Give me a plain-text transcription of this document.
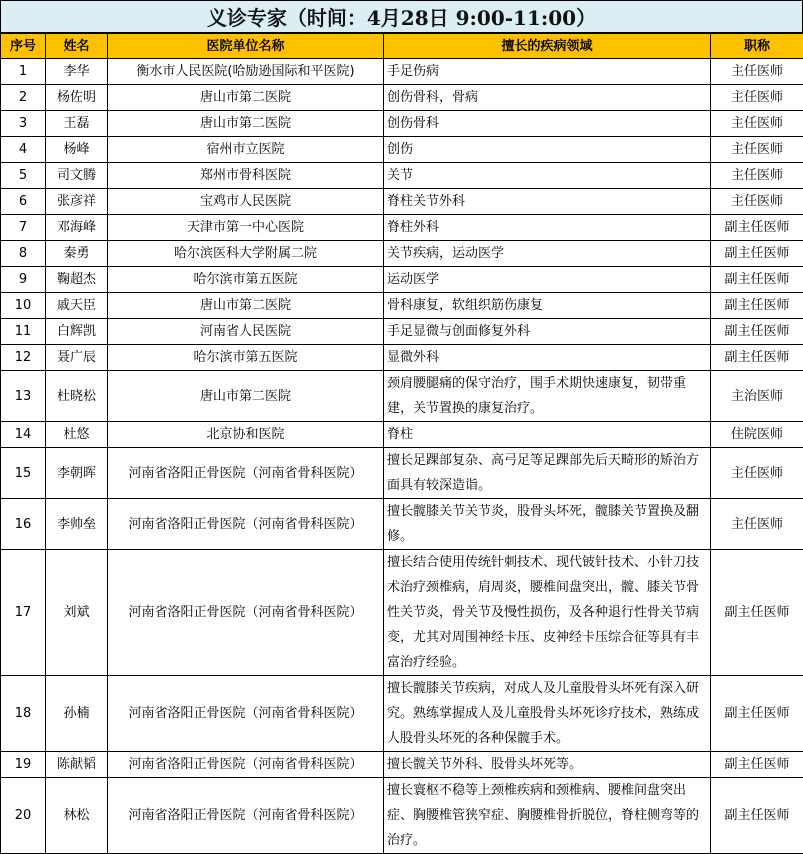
义诊专家 （时间：4月28日 9:00-11:00）
序号	姓名	医院单位名称	擅长的疾病领域	职称
1	李华	衡水市人民医院(哈励逊国际和平医院)	手足伤病	主任医师
2	杨佐明	唐山市第二医院	创伤骨科，骨病	主任医师
3	王磊	唐山市第二医院	创伤骨科	主任医师
4	杨峰	宿州市立医院	创伤	主任医师
5	司文腾	郑州市骨科医院	关节	主任医师
6	张彦祥	宝鸡市人民医院	脊柱关节外科	主任医师
7	邓海峰	天津市第一中心医院	脊柱外科	副主任医师
8	秦勇	哈尔滨医科大学附属二院	关节疾病，运动医学	副主任医师
9	鞠超杰	哈尔滨市第五医院	运动医学	副主任医师
10	戚天臣	唐山市第二医院	骨科康复，软组织筋伤康复	副主任医师
11	白辉凯	河南省人民医院	手足显微与创面修复外科	副主任医师
12	聂广辰	哈尔滨市第五医院	显微外科	副主任医师
13	杜晓松	唐山市第二医院	颈肩腰腿痛的保守治疗，围手术期快速康复，韧带重建，关节置换的康复治疗。	主治医师
14	杜悠	北京协和医院	脊柱	住院医师
15	李朝晖	河南省洛阳正骨医院（河南省骨科医院）	擅长足踝部复杂、高弓足等足踝部先后天畸形的矫治方面具有较深造诣。	主任医师
16	李帅垒	河南省洛阳正骨医院（河南省骨科医院）	擅长髋膝关节关节炎，股骨头坏死，髋膝关节置换及翻修。	主任医师
17	刘斌	河南省洛阳正骨医院（河南省骨科医院）	擅长结合使用传统针刺技术、现代铍针技术、小针刀技术治疗颈椎病，肩周炎，腰椎间盘突出，髋、膝关节骨性关节炎，骨关节及慢性损伤，及各种退行性骨关节病变，尤其对周围神经卡压、皮神经卡压综合征等具有丰富治疗经验。	副主任医师
18	孙楠	河南省洛阳正骨医院（河南省骨科医院）	擅长髋膝关节疾病，对成人及儿童股骨头坏死有深入研究。熟练掌握成人及儿童股骨头坏死诊疗技术，熟练成人股骨头坏死的各种保髋手术。	副主任医师
19	陈献韬	河南省洛阳正骨医院（河南省骨科医院）	擅长髋关节外科、股骨头坏死等。	副主任医师
20	林松	河南省洛阳正骨医院（河南省骨科医院）	擅长寰枢不稳等上颈椎疾病和颈椎病、腰椎间盘突出症、胸腰椎管狭窄症、胸腰椎骨折脱位，脊柱侧弯等的治疗。	副主任医师
